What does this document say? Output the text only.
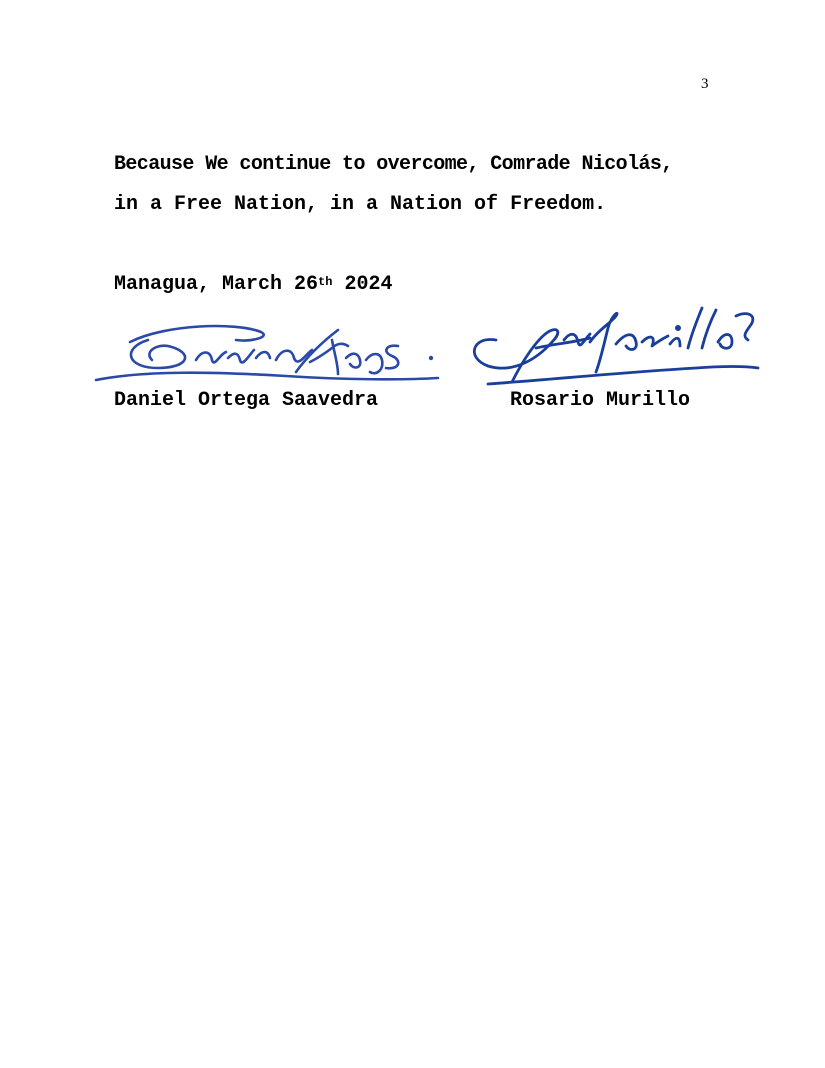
3
Because We continue to overcome, Comrade Nicolás,
in a Free Nation, in a Nation of Freedom.
Managua, March 26th 2024
Daniel Ortega Saavedra	Rosario Murillo
